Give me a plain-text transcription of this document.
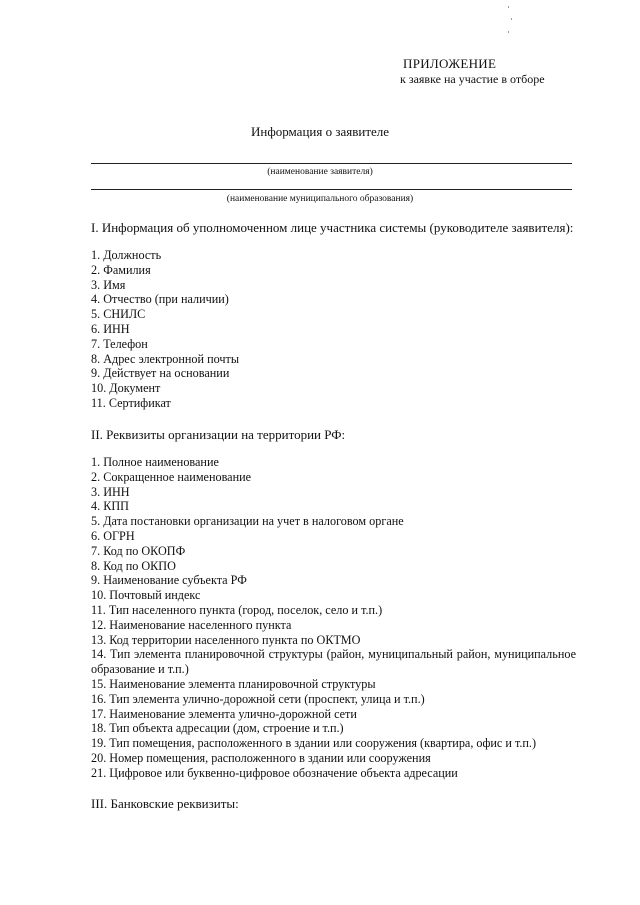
ПРИЛОЖЕНИЕ
к заявке на участие в отборе
Информация о заявителе
(наименование заявителя)
(наименование муниципального образования)
I. Информация об уполномоченном лице участника системы (руководителе заявителя):
1. Должность
2. Фамилия
3. Имя
4. Отчество (при наличии)
5. СНИЛС
6. ИНН
7. Телефон
8. Адрес электронной почты
9. Действует на основании
10. Документ
11. Сертификат
II. Реквизиты организации на территории РФ:
1. Полное наименование
2. Сокращенное наименование
3. ИНН
4. КПП
5. Дата постановки организации на учет в налоговом органе
6. ОГРН
7. Код по ОКОПФ
8. Код по ОКПО
9. Наименование субъекта РФ
10. Почтовый индекс
11. Тип населенного пункта (город, поселок, село и т.п.)
12. Наименование населенного пункта
13. Код территории населенного пункта по ОКТМО
14. Тип элемента планировочной структуры (район, муниципальный район, муниципальное образование и т.п.)
15. Наименование элемента планировочной структуры
16. Тип элемента улично-дорожной сети (проспект, улица и т.п.)
17. Наименование элемента улично-дорожной сети
18. Тип объекта адресации (дом, строение и т.п.)
19. Тип помещения, расположенного в здании или сооружения (квартира, офис и т.п.)
20. Номер помещения, расположенного в здании или сооружения
21. Цифровое или буквенно-цифровое обозначение объекта адресации
III. Банковские реквизиты:
